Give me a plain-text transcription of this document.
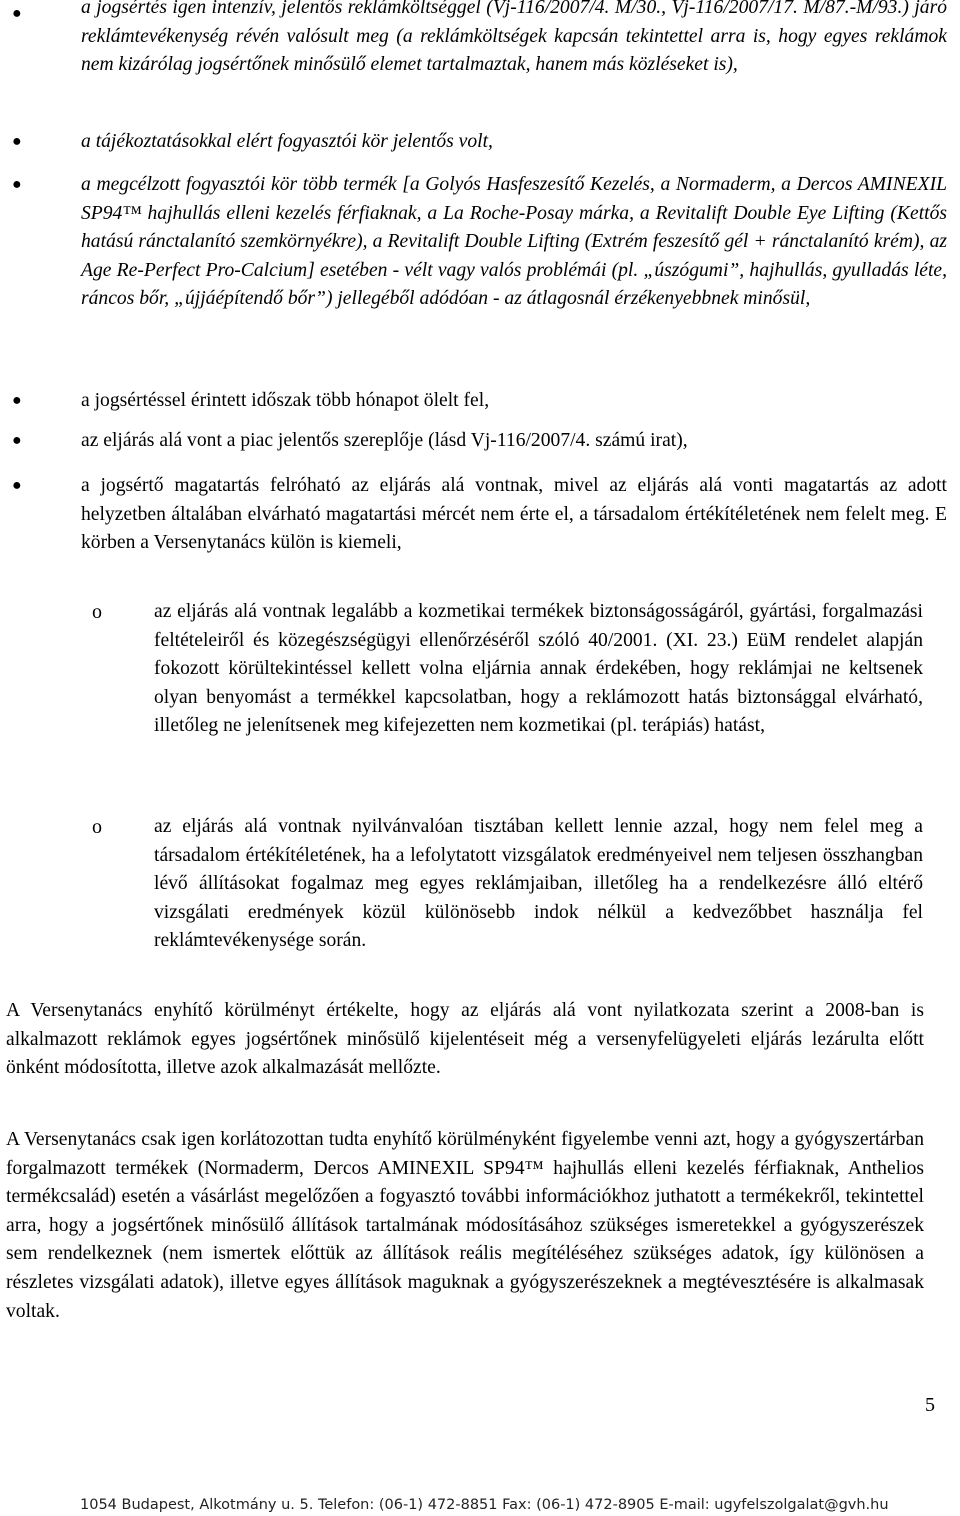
●	a jogsértés igen intenzív, jelentős reklámköltséggel (Vj-116/2007/4. M/30., Vj-116/2007/17. M/87.-M/93.) járó reklámtevékenység révén valósult meg (a reklámköltségek kapcsán tekintettel arra is, hogy egyes reklámok nem kizárólag jogsértőnek minősülő elemet tartalmaztak, hanem más közléseket is),
●	a tájékoztatásokkal elért fogyasztói kör jelentős volt,
●	a megcélzott fogyasztói kör több termék [a Golyós Hasfeszesítő Kezelés, a Normaderm, a Dercos AMINEXIL SP94™ hajhullás elleni kezelés férfiaknak, a La Roche-Posay márka, a Revitalift Double Eye Lifting (Kettős hatású ránctalanító szemkörnyékre), a Revitalift Double Lifting (Extrém feszesítő gél + ránctalanító krém), az Age Re-Perfect Pro-Calcium] esetében - vélt vagy valós problémái (pl. „úszógumi”, hajhullás, gyulladás léte, ráncos bőr, „újjáépítendő bőr”) jellegéből adódóan - az átlagosnál érzékenyebbnek minősül,
●	a jogsértéssel érintett időszak több hónapot ölelt fel,
●	az eljárás alá vont a piac jelentős szereplője (lásd Vj-116/2007/4. számú irat),
●	a jogsértő magatartás felróható az eljárás alá vontnak, mivel az eljárás alá vonti magatartás az adott helyzetben általában elvárható magatartási mércét nem érte el, a társadalom értékítéletének nem felelt meg. E körben a Versenytanács külön is kiemeli,
o	az eljárás alá vontnak legalább a kozmetikai termékek biztonságosságáról, gyártási, forgalmazási feltételeiről és közegészségügyi ellenőrzéséről szóló 40/2001. (XI. 23.) EüM rendelet alapján fokozott körültekintéssel kellett volna eljárnia annak érdekében, hogy reklámjai ne keltsenek olyan benyomást a termékkel kapcsolatban, hogy a reklámozott hatás biztonsággal elvárható, illetőleg ne jelenítsenek meg kifejezetten nem kozmetikai (pl. terápiás) hatást,
o	az eljárás alá vontnak nyilvánvalóan tisztában kellett lennie azzal, hogy nem felel meg a társadalom értékítéletének, ha a lefolytatott vizsgálatok eredményeivel nem teljesen összhangban lévő állításokat fogalmaz meg egyes reklámjaiban, illetőleg ha a rendelkezésre álló eltérő vizsgálati eredmények közül különösebb indok nélkül a kedvezőbbet használja fel reklámtevékenysége során.
A Versenytanács enyhítő körülményt értékelte, hogy az eljárás alá vont nyilatkozata szerint a 2008-ban is alkalmazott reklámok egyes jogsértőnek minősülő kijelentéseit még a versenyfelügyeleti eljárás lezárulta előtt önként módosította, illetve azok alkalmazását mellőzte.
A Versenytanács csak igen korlátozottan tudta enyhítő körülményként figyelembe venni azt, hogy a gyógyszertárban forgalmazott termékek (Normaderm, Dercos AMINEXIL SP94™ hajhullás elleni kezelés férfiaknak, Anthelios termékcsalád) esetén a vásárlást megelőzően a fogyasztó további információkhoz juthatott a termékekről, tekintettel arra, hogy a jogsértőnek minősülő állítások tartalmának módosításához szükséges ismeretekkel a gyógyszerészek sem rendelkeznek (nem ismertek előttük az állítások reális megítéléséhez szükséges adatok, így különösen a részletes vizsgálati adatok), illetve egyes állítások maguknak a gyógyszerészeknek a megtévesztésére is alkalmasak voltak.
5
1054 Budapest, Alkotmány u. 5. Telefon: (06-1) 472-8851 Fax: (06-1) 472-8905 E-mail: ugyfelszolgalat@gvh.hu
